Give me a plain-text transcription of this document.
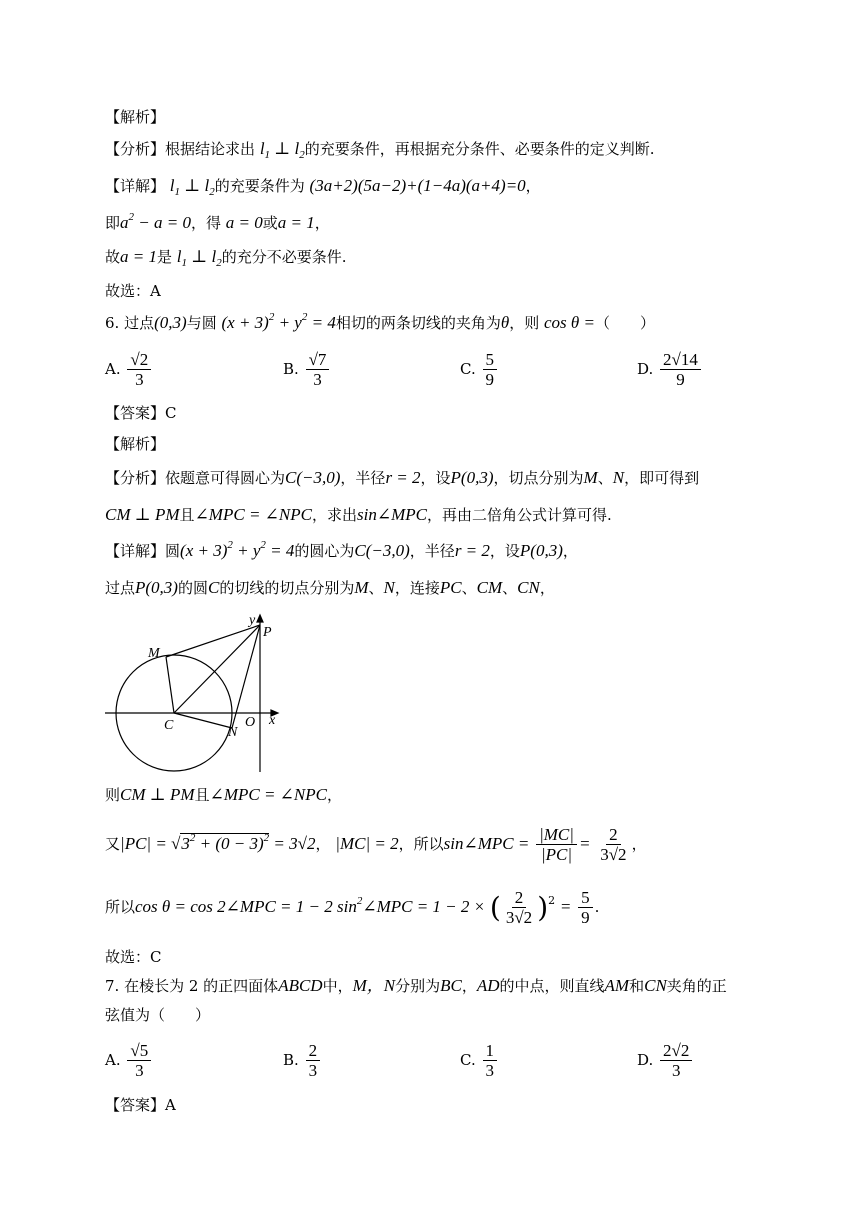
【解析】
【分析】根据结论求出 $l_1$ ⊥ $l_2$的充要条件，再根据充分条件、必要条件的定义判断.
【详解】 $l_1$ ⊥ $l_2$的充要条件为 (3a+2)(5a−2)+(1−4a)(a+4)=0，
即$a^2 - a = 0$，得 a = 0或a = 1，
故a = 1是 $l_1$ ⊥ $l_2$的充分不必要条件.
故选：A
6. 过点(0,3)与圆 $(x + 3)^2 + y^2 = 4$相切的两条切线的夹角为θ，则 cos θ =（　　）
A. $\frac{√2}{3}$	B. $\frac{√7}{3}$	C. $\frac{5}{9}$	D. $\frac{2√14}{9}$
【答案】C
【解析】
【分析】依题意可得圆心为C(−3,0)，半径r = 2，设P(0,3)，切点分别为M、N，即可得到
CM ⊥ PM且∠MPC = ∠NPC，求出sin∠MPC，再由二倍角公式计算可得.
【详解】圆$(x + 3)^2 + y^2 = 4$的圆心为C(−3,0)，半径r = 2，设P(0,3)，
过点P(0,3)的圆C的切线的切点分别为M、N，连接PC、CM、CN，
y
P
M
C	O
N
x
则CM ⊥ PM且∠MPC = ∠NPC，
又$|PC| = √3^2 + (0 - 3)^2 = 3√2$， |MC| = 2，所以sin∠MPC = $\frac{|MC|}{|PC|} = \frac{2}{3√2}$ ，
所以cos θ = cos 2∠MPC = 1 − 2 $\sin^2\angle MPC = 1 - 2$ × ( $\frac{2}{3√2} )^2 = \frac{5}{9}$ .
故选：C
7. 在棱长为 2 的正四面体ABCD中，M，N分别为BC，AD的中点，则直线AM和CN夹角的正
弦值为（　　）
A. $\frac{√5}{3}$	B. $\frac{2}{3}$	C. $\frac{1}{3}$	D. $\frac{2√2}{3}$
【答案】A
